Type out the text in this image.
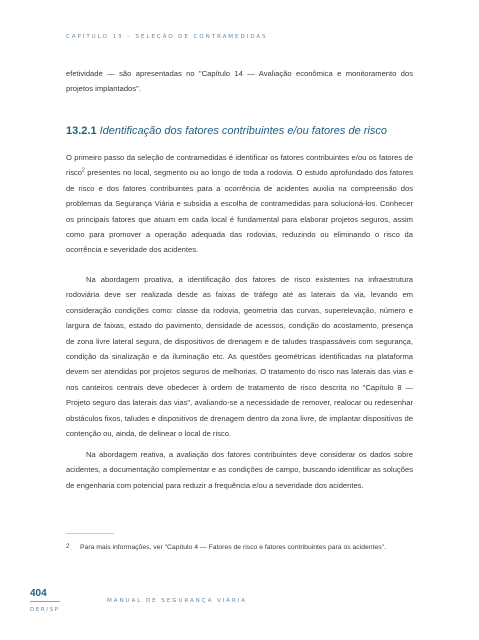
CAPÍTULO 13 – SELEÇÃO DE CONTRAMEDIDAS

efetividade — são apresentadas no "Capítulo 14 — Avaliação econômica e monitoramento dos projetos implantados".

13.2.1 Identificação dos fatores contribuintes e/ou fatores de risco

O primeiro passo da seleção de contramedidas é identificar os fatores contribuintes e/ou os fatores de risco$^2$ presentes no local, segmento ou ao longo de toda a rodovia. O estudo aprofundado dos fatores de risco e dos fatores contribuintes para a ocorrência de acidentes auxilia na compreensão dos problemas da Segurança Viária e subsidia a escolha de contramedidas para solucioná-los. Conhecer os principais fatores que atuam em cada local é fundamental para elaborar projetos seguros, assim como para promover a operação adequada das rodovias, reduzindo ou eliminando o risco da ocorrência e severidade dos acidentes.

Na abordagem proativa, a identificação dos fatores de risco existentes na infraestrutura rodoviária deve ser realizada desde as faixas de tráfego até as laterais da via, levando em consideração condições como: classe da rodovia, geometria das curvas, superelevação, número e largura de faixas, estado do pavimento, densidade de acessos, condição do acostamento, presença de zona livre lateral segura, de dispositivos de drenagem e de taludes traspassáveis com segurança, condição da sinalização e da iluminação etc. As questões geométricas identificadas na plataforma devem ser atendidas por projetos seguros de melhorias. O tratamento do risco nas laterais das vias e nos canteiros centrais deve obedecer à ordem de tratamento de risco descrita no "Capítulo 8 — Projeto seguro das laterais das vias", avaliando-se a necessidade de remover, realocar ou redesenhar obstáculos fixos, taludes e dispositivos de drenagem dentro da zona livre, de implantar dispositivos de contenção ou, ainda, de delinear o local de risco.

Na abordagem reativa, a avaliação dos fatores contribuintes deve considerar os dados sobre acidentes, a documentação complementar e as condições de campo, buscando identificar as soluções de engenharia com potencial para reduzir a frequência e/ou a severidade dos acidentes.

2	Para mais informações, ver "Capítulo 4 — Fatores de risco e fatores contribuintes para os acidentes".
404
DER/SP
MANUAL DE SEGURANÇA VIÁRIA
